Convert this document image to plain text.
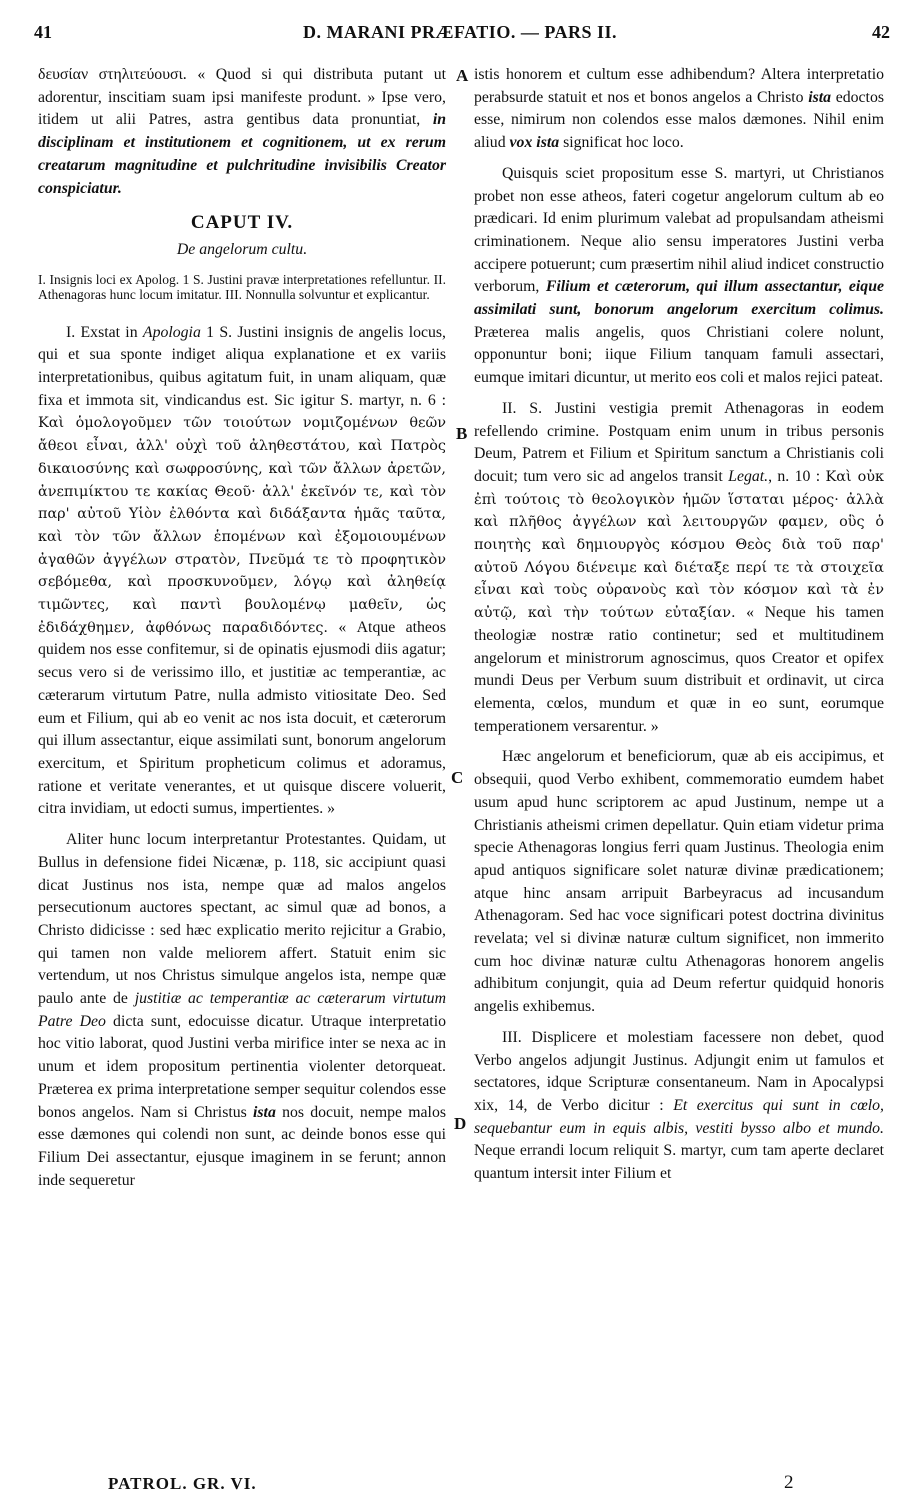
41	D. MARANI PRÆFATIO. — PARS II.	42
A
B
C
D

δευσίαν στηλιτεύουσι. « Quod si qui distributa putant ut adorentur, inscitiam suam ipsi manifeste produnt. » Ipse vero, itidem ut alii Patres, astra gentibus data pronuntiat, in disciplinam et institutionem et cognitionem, ut ex rerum creatarum magnitudine et pulchritudine invisibilis Creator conspiciatur.

CAPUT IV.
De angelorum cultu.
I. Insignis loci ex Apolog. 1 S. Justini pravæ interpretationes refelluntur. II. Athenagoras hunc locum imitatur. III. Nonnulla solvuntur et explicantur.

I. Exstat in Apologia 1 S. Justini insignis de angelis locus, qui et sua sponte indiget aliqua explanatione et ex variis interpretationibus, quibus agitatum fuit, in unam aliquam, quæ fixa et immota sit, vindicandus est. Sic igitur S. martyr, n. 6 : Καὶ ὁμολογοῦμεν τῶν τοιούτων νομιζομένων θεῶν ἄθεοι εἶναι, ἀλλ' οὐχὶ τοῦ ἀληθεστάτου, καὶ Πατρὸς δικαιοσύνης καὶ σωφροσύνης, καὶ τῶν ἄλλων ἀρετῶν, ἀνεπιμίκτου τε κακίας Θεοῦ· ἀλλ' ἐκεῖνόν τε, καὶ τὸν παρ' αὐτοῦ Υἱὸν ἐλθόντα καὶ διδάξαντα ἡμᾶς ταῦτα, καὶ τὸν τῶν ἄλλων ἑπομένων καὶ ἐξομοιουμένων ἀγαθῶν ἀγγέλων στρατὸν, Πνεῦμά τε τὸ προφητικὸν σεβόμεθα, καὶ προσκυνοῦμεν, λόγῳ καὶ ἀληθείᾳ τιμῶντες, καὶ παντὶ βουλομένῳ μαθεῖν, ὡς ἐδιδάχθημεν, ἀφθόνως παραδιδόντες. « Atque atheos quidem nos esse confitemur, si de opinatis ejusmodi diis agatur; secus vero si de verissimo illo, et justitiæ ac temperantiæ, ac cæterarum virtutum Patre, nulla admisto vitiositate Deo. Sed eum et Filium, qui ab eo venit ac nos ista docuit, et cæterorum qui illum assectantur, eique assimilati sunt, bonorum angelorum exercitum, et Spiritum propheticum colimus et adoramus, ratione et veritate venerantes, et ut quisque discere voluerit, citra invidiam, ut edocti sumus, impertientes. »

Aliter hunc locum interpretantur Protestantes. Quidam, ut Bullus in defensione fidei Nicænæ, p. 118, sic accipiunt quasi dicat Justinus nos ista, nempe quæ ad malos angelos persecutionum auctores spectant, ac simul quæ ad bonos, a Christo didicisse : sed hæc explicatio merito rejicitur a Grabio, qui tamen non valde meliorem affert. Statuit enim sic vertendum, ut nos Christus simulque angelos ista, nempe quæ paulo ante de justitiæ ac temperantiæ ac cæterarum virtutum Patre Deo dicta sunt, edocuisse dicatur. Utraque interpretatio hoc vitio laborat, quod Justini verba mirifice inter se nexa ac in unum et idem propositum pertinentia violenter detorqueat. Præterea ex prima interpretatione semper sequitur colendos esse bonos angelos. Nam si Christus ista nos docuit, nempe malos esse dæmones qui colendi non sunt, ac deinde bonos esse qui Filium Dei assectantur, ejusque imaginem in se ferunt; annon inde sequeretur

istis honorem et cultum esse adhibendum? Altera interpretatio perabsurde statuit et nos et bonos angelos a Christo ista edoctos esse, nimirum non colendos esse malos dæmones. Nihil enim aliud vox ista significat hoc loco.

Quisquis sciet propositum esse S. martyri, ut Christianos probet non esse atheos, fateri cogetur angelorum cultum ab eo prædicari. Id enim plurimum valebat ad propulsandam atheismi criminationem. Neque alio sensu imperatores Justini verba accipere potuerunt; cum præsertim nihil aliud indicet constructio verborum, Filium et cæterorum, qui illum assectantur, eique assimilati sunt, bonorum angelorum exercitum colimus. Præterea malis angelis, quos Christiani colere nolunt, opponuntur boni; iique Filium tanquam famuli assectari, eumque imitari dicuntur, ut merito eos coli et malos rejici pateat.

II. S. Justini vestigia premit Athenagoras in eodem refellendo crimine. Postquam enim unum in tribus personis Deum, Patrem et Filium et Spiritum sanctum a Christianis coli docuit; tum vero sic ad angelos transit Legat., n. 10 : Καὶ οὐκ ἐπὶ τούτοις τὸ θεολογικὸν ἡμῶν ἵσταται μέρος· ἀλλὰ καὶ πλῆθος ἀγγέλων καὶ λειτουργῶν φαμεν, οὓς ὁ ποιητὴς καὶ δημιουργὸς κόσμου Θεὸς διὰ τοῦ παρ' αὐτοῦ Λόγου διένειμε καὶ διέταξε περί τε τὰ στοιχεῖα εἶναι καὶ τοὺς οὐρανοὺς καὶ τὸν κόσμον καὶ τὰ ἐν αὐτῷ, καὶ τὴν τούτων εὐταξίαν. « Neque his tamen theologiæ nostræ ratio continetur; sed et multitudinem angelorum et ministrorum agnoscimus, quos Creator et opifex mundi Deus per Verbum suum distribuit et ordinavit, ut circa elementa, cœlos, mundum et quæ in eo sunt, eorumque temperationem versarentur. »

Hæc angelorum et beneficiorum, quæ ab eis accipimus, et obsequii, quod Verbo exhibent, commemoratio eumdem habet usum apud hunc scriptorem ac apud Justinum, nempe ut a Christianis atheismi crimen depellatur. Quin etiam videtur prima specie Athenagoras longius ferri quam Justinus. Theologia enim apud antiquos significare solet naturæ divinæ prædicationem; atque hinc ansam arripuit Barbeyracus ad incusandum Athenagoram. Sed hac voce significari potest doctrina divinitus revelata; vel si divinæ naturæ cultum significet, non immerito cum hoc divinæ naturæ cultu Athenagoras honorem angelis adhibitum conjungit, quia ad Deum refertur quidquid honoris angelis exhibemus.

III. Displicere et molestiam facessere non debet, quod Verbo angelos adjungit Justinus. Adjungit enim ut famulos et sectatores, idque Scripturæ consentaneum. Nam in Apocalypsi xix, 14, de Verbo dicitur : Et exercitus qui sunt in cœlo, sequebantur eum in equis albis, vestiti bysso albo et mundo. Neque errandi locum reliquit S. martyr, cum tam aperte declaret quantum intersit inter Filium et

PATROL. GR. VI.	2
